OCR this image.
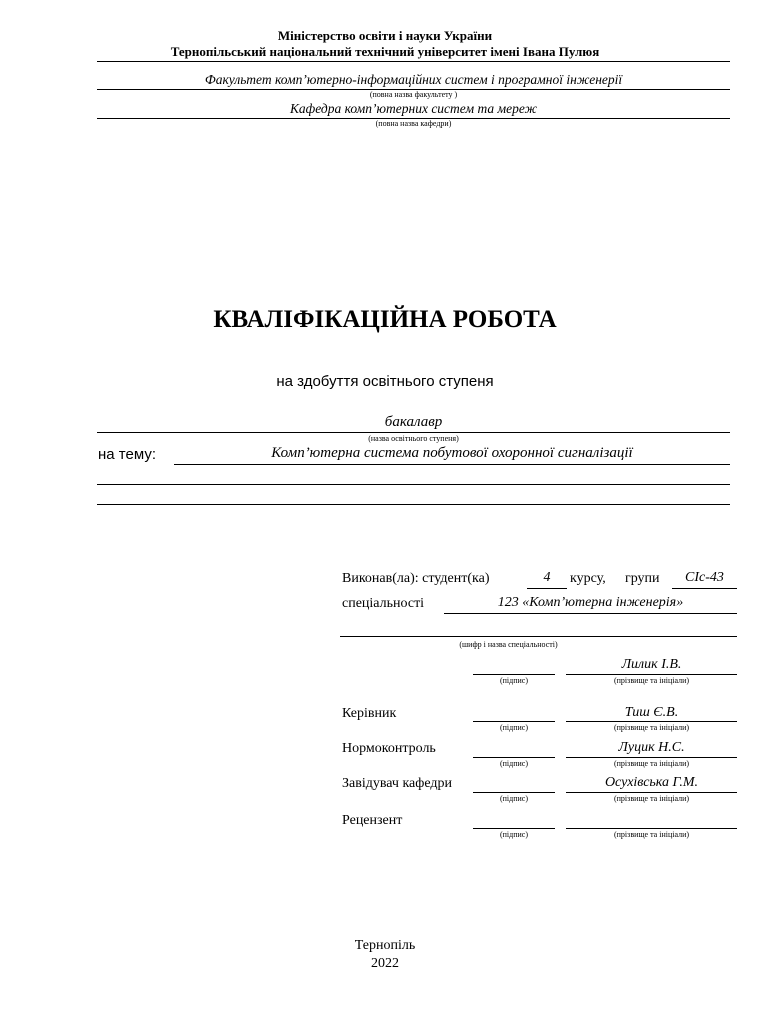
Міністерство освіти і науки України
Тернопільський національний технічний університет імені Івана Пулюя
Факультет комп’ютерно-інформаційних систем і програмної інженерії
(повна назва факультету )
Кафедра комп’ютерних систем та мереж
(повна назва кафедри)
КВАЛІФІКАЦІЙНА РОБОТА
на здобуття освітнього ступеня
бакалавр
(назва освітнього ступеня)
на тему:	Комп’ютерна система побутової охоронної сигналізації
Виконав(ла): студент(ка)	4	курсу, групи	СІс-43
спеціальності	123 «Комп’ютерна інженерія»
(шифр і назва спеціальності)
Лилик І.В.
(підпис)	(прізвище та ініціали)
Керівник	Тиш Є.В.
(підпис)	(прізвище та ініціали)
Нормоконтроль	Луцик Н.С.
(підпис)	(прізвище та ініціали)
Завідувач кафедри	Осухівська Г.М.
(підпис)	(прізвище та ініціали)
Рецензент
(підпис)	(прізвище та ініціали)
Тернопіль
2022
